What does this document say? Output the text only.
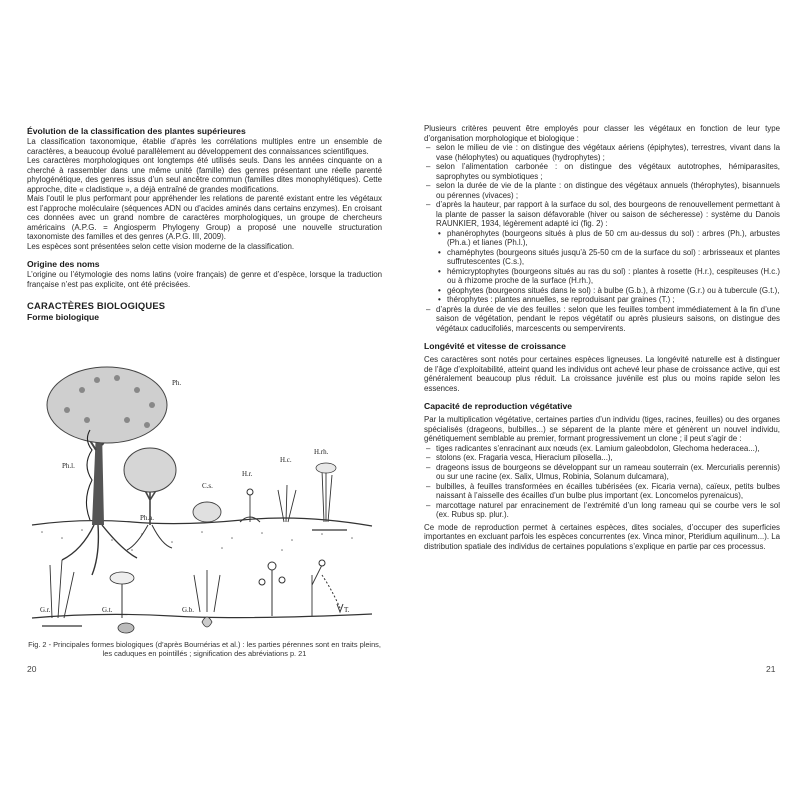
Évolution de la classification des plantes supérieures

La classification taxonomique, établie d’après les corrélations multiples entre un ensemble de caractères, a beaucoup évolué parallèlement au développement des connaissances scientifiques.

Les caractères morphologiques ont longtemps été utilisés seuls. Dans les années cinquante on a cherché à rassembler dans une même unité (famille) des genres présentant une réelle parenté phylogénétique, des genres issus d’un seul ancêtre commun (familles dites monophylétiques). Cette approche, dite « cladistique », a déjà entraîné de grandes modifications.

Mais l’outil le plus performant pour appréhender les relations de parenté existant entre les végétaux est l’approche moléculaire (séquences ADN ou d’acides aminés dans certains enzymes). En croisant ces données avec un grand nombre de caractères morphologiques, un groupe de chercheurs américains (A.P.G. = Angiosperm Phylogeny Group) a proposé une nouvelle structuration taxonomiste des familles et des genres (A.P.G. III, 2009).

Les espèces sont présentées selon cette vision moderne de la classification.

Origine des noms

L’origine ou l’étymologie des noms latins (voire français) de genre et d’espèce, lorsque la traduction française n’est pas explicite, ont été précisées.

CARACTÈRES BIOLOGIQUES
Forme biologique
Ph.
Ph.l.
Ph.a.
C.s.
H.r.
H.c.
H.rh.
G.r.	G.t.	G.b.	T.
Fig. 2 - Principales formes biologiques (d’après Bournérias et al.) : les parties pérennes sont en traits pleins, les caduques en pointillés ; signification des abréviations p. 21
20

Plusieurs critères peuvent être employés pour classer les végétaux en fonction de leur type d’organisation morphologique et biologique :

– selon le milieu de vie : on distingue des végétaux aériens (épiphytes), terrestres, vivant dans la vase (hélophytes) ou aquatiques (hydrophytes) ;
– selon l’alimentation carbonée : on distingue des végétaux autotrophes, hémiparasites, saprophytes ou symbiotiques ;
– selon la durée de vie de la plante : on distingue des végétaux annuels (thérophytes), bisannuels ou pérennes (vivaces) ;
– d’après la hauteur, par rapport à la surface du sol, des bourgeons de renouvellement permettant à la plante de passer la saison défavorable (hiver ou saison de sécheresse) : système du Danois RAUNKIER, 1934, légèrement adapté ici (fig. 2) :
• phanérophytes (bourgeons situés à plus de 50 cm au-dessus du sol) : arbres (Ph.), arbustes (Ph.a.) et lianes (Ph.l.),
• chaméphytes (bourgeons situés jusqu’à 25-50 cm de la surface du sol) : arbrisseaux et plantes suffrutescentes (C.s.),
• hémicryptophytes (bourgeons situés au ras du sol) : plantes à rosette (H.r.), cespiteuses (H.c.) ou à rhizome proche de la surface (H.rh.),
• géophytes (bourgeons situés dans le sol) : à bulbe (G.b.), à rhizome (G.r.) ou à tubercule (G.t.),
• thérophytes : plantes annuelles, se reproduisant par graines (T.) ;
– d’après la durée de vie des feuilles : selon que les feuilles tombent immédiatement à la fin d’une saison de végétation, pendant le repos végétatif ou après plusieurs saisons, on distingue des végétaux caducifoliés, marcescents ou sempervirents.
Longévité et vitesse de croissance

Ces caractères sont notés pour certaines espèces ligneuses. La longévité naturelle est à distinguer de l’âge d’exploitabilité, atteint quand les individus ont achevé leur phase de croissance active, qui est généralement beaucoup plus réduit. La croissance juvénile est plus ou moins rapide selon les essences.

Capacité de reproduction végétative

Par la multiplication végétative, certaines parties d’un individu (tiges, racines, feuilles) ou des organes spécialisés (drageons, bulbilles...) se séparent de la plante mère et génèrent un nouvel individu, génétiquement semblable au premier, formant progressivement un clone ; il peut s’agir de :

– tiges radicantes s’enracinant aux nœuds (ex. Lamium galeobdolon, Glechoma hederacea...),
– stolons (ex. Fragaria vesca, Hieracium pilosella...),
– drageons issus de bourgeons se développant sur un rameau souterrain (ex. Mercurialis perennis) ou sur une racine (ex. Salix, Ulmus, Robinia, Solanum dulcamara),
– bulbilles, à feuilles transformées en écailles tubérisées (ex. Ficaria verna), caïeux, petits bulbes naissant à l’aisselle des écailles d’un bulbe plus important (ex. Loncomelos pyrenaicus),
– marcottage naturel par enracinement de l’extrémité d’un long rameau qui se courbe vers le sol (ex. Rubus sp. plur.).

Ce mode de reproduction permet à certaines espèces, dites sociales, d’occuper des superficies importantes en excluant parfois les espèces concurrentes (ex. Vinca minor, Pteridium aquilinum...). La distribution spatiale des individus de certaines populations s’explique en partie par ces processus.

21
